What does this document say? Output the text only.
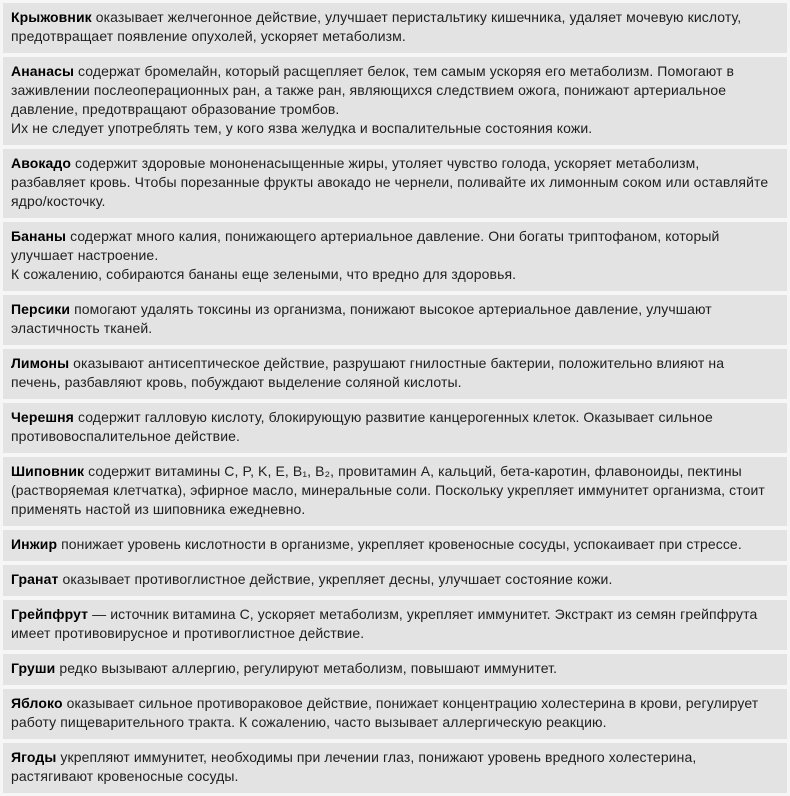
Крыжовник оказывает желчегонное действие, улучшает перистальтику кишечника, удаляет мочевую кислоту, предотвращает появление опухолей, ускоряет метаболизм.

Ананасы содержат бромелайн, который расщепляет белок, тем самым ускоряя его метаболизм. Помогают в заживлении послеоперационных ран, а также ран, являющихся следствием ожога, понижают артериальное давление, предотвращают образование тромбов.
Их не следует употреблять тем, у кого язва желудка и воспалительные состояния кожи.

Авокадо содержит здоровые мононенасыщенные жиры, утоляет чувство голода, ускоряет метаболизм, разбавляет кровь. Чтобы порезанные фрукты авокадо не чернели, поливайте их лимонным соком или оставляйте ядро/косточку.

Бананы содержат много калия, понижающего артериальное давление. Они богаты триптофаном, который улучшает настроение.
К сожалению, собираются бананы еще зелеными, что вредно для здоровья.

Персики помогают удалять токсины из организма, понижают высокое артериальное давление, улучшают эластичность тканей.

Лимоны оказывают антисептическое действие, разрушают гнилостные бактерии, положительно влияют на печень, разбавляют кровь, побуждают выделение соляной кислоты.

Черешня содержит галловую кислоту, блокирующую развитие канцерогенных клеток. Оказывает сильное противовоспалительное действие.

Шиповник содержит витамины C, P, K, E, B₁, B₂, провитамин A, кальций, бета-каротин, флавоноиды, пектины (растворяемая клетчатка), эфирное масло, минеральные соли. Поскольку укрепляет иммунитет организма, стоит применять настой из шиповника ежедневно.

Инжир понижает уровень кислотности в организме, укрепляет кровеносные сосуды, успокаивает при стрессе.

Гранат оказывает противоглистное действие, укрепляет десны, улучшает состояние кожи.

Грейпфрут — источник витамина C, ускоряет метаболизм, укрепляет иммунитет. Экстракт из семян грейпфрута имеет противовирусное и противоглистное действие.

Груши редко вызывают аллергию, регулируют метаболизм, повышают иммунитет.

Яблоко оказывает сильное противораковое действие, понижает концентрацию холестерина в крови, регулирует работу пищеварительного тракта. К сожалению, часто вызывает аллергическую реакцию.

Ягоды укрепляют иммунитет, необходимы при лечении глаз, понижают уровень вредного холестерина, растягивают кровеносные сосуды.
